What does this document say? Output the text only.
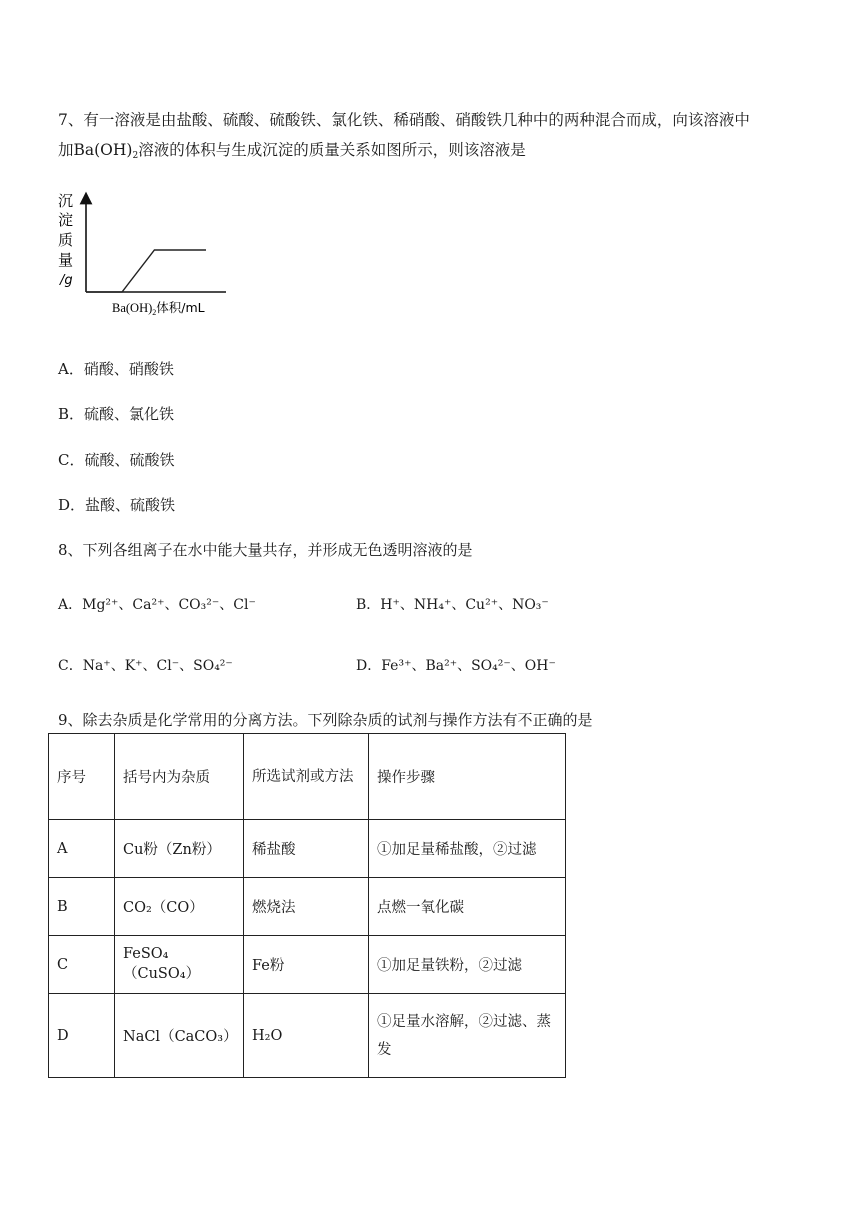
7、有一溶液是由盐酸、硫酸、硫酸铁、氯化铁、稀硝酸、硝酸铁几种中的两种混合而成，向该溶液中
加$Ba(OH)_2$溶液的体积与生成沉淀的质量关系如图所示，则该溶液是
沉
淀
质
量
/g
$Ba(OH)_2$体积/mL
A．硝酸、硝酸铁
B．硫酸、氯化铁
C．硫酸、硫酸铁
D．盐酸、硫酸铁
8、下列各组离子在水中能大量共存，并形成无色透明溶液的是
A．Mg²⁺、Ca²⁺、CO₃²⁻、Cl⁻	B．H⁺、NH₄⁺、Cu²⁺、NO₃⁻
C．Na⁺、K⁺、Cl⁻、SO₄²⁻	D．Fe³⁺、Ba²⁺、SO₄²⁻、OH⁻
9、除去杂质是化学常用的分离方法。下列除杂质的试剂与操作方法有不正确的是
序号	括号内为杂质	所选试剂或方法	操作步骤
A	Cu粉（Zn粉）	稀盐酸	①加足量稀盐酸，②过滤
B	CO₂（CO）	燃烧法	点燃一氧化碳
C	FeSO₄（CuSO₄）	Fe粉	①加足量铁粉，②过滤
D	NaCl（CaCO₃）	H₂O	①足量水溶解，②过滤、蒸发
